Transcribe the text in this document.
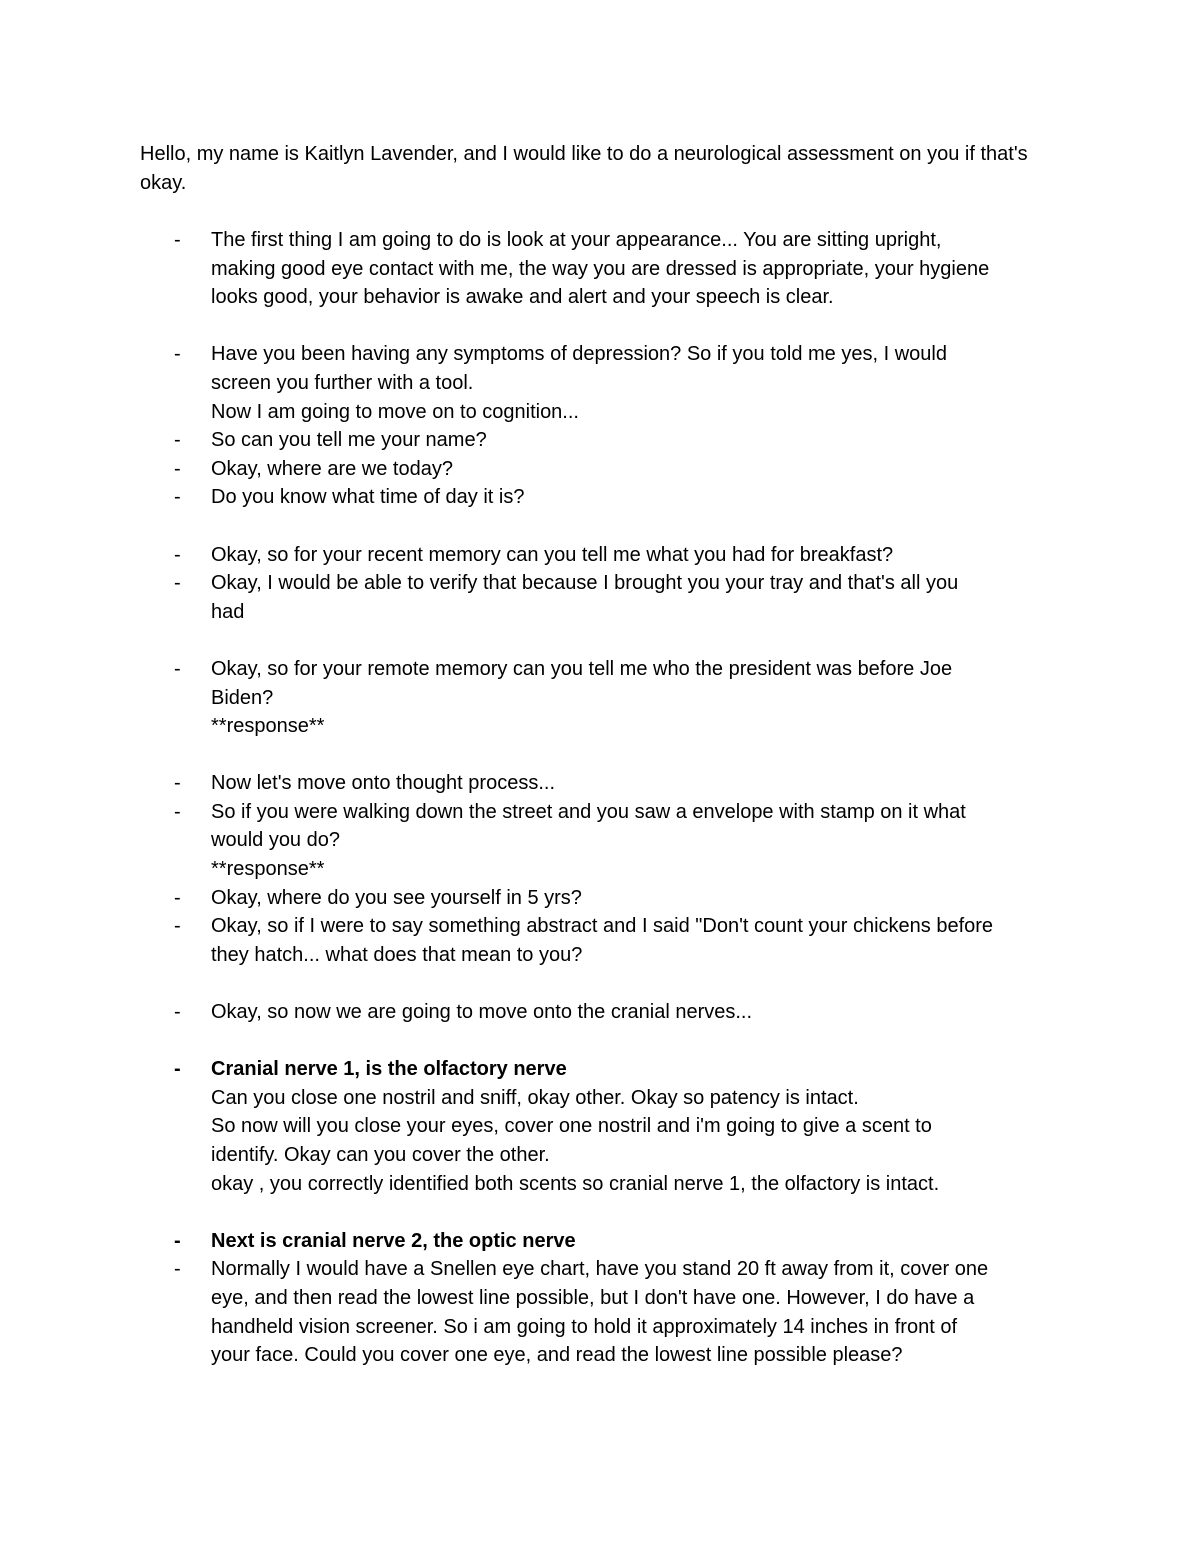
Hello, my name is Kaitlyn Lavender, and I would like to do a neurological assessment on you if that's okay.

-	The first thing I am going to do is look at your appearance... You are sitting upright,
making good eye contact with me, the way you are dressed is appropriate, your hygiene
looks good, your behavior is awake and alert and your speech is clear.
-	Have you been having any symptoms of depression? So if you told me yes, I would
screen you further with a tool.
Now I am going to move on to cognition...
-	So can you tell me your name?
-	Okay, where are we today?
-	Do you know what time of day it is?
-	Okay, so for your recent memory can you tell me what you had for breakfast?
-	Okay, I would be able to verify that because I brought you your tray and that's all you
had
-	Okay, so for your remote memory can you tell me who the president was before Joe
Biden?
**response**
-	Now let's move onto thought process...
-	So if you were walking down the street and you saw a envelope with stamp on it what
would you do?
**response**
-	Okay, where do you see yourself in 5 yrs?
-	Okay, so if I were to say something abstract and I said "Don't count your chickens before
they hatch... what does that mean to you?
-	Okay, so now we are going to move onto the cranial nerves...
-	Cranial nerve 1, is the olfactory nerve
Can you close one nostril and sniff, okay other. Okay so patency is intact.
So now will you close your eyes, cover one nostril and i'm going to give a scent to
identify. Okay can you cover the other.
okay , you correctly identified both scents so cranial nerve 1, the olfactory is intact.
-	Next is cranial nerve 2, the optic nerve
-	Normally I would have a Snellen eye chart, have you stand 20 ft away from it, cover one
eye, and then read the lowest line possible, but I don't have one. However, I do have a
handheld vision screener. So i am going to hold it approximately 14 inches in front of
your face. Could you cover one eye, and read the lowest line possible please?
